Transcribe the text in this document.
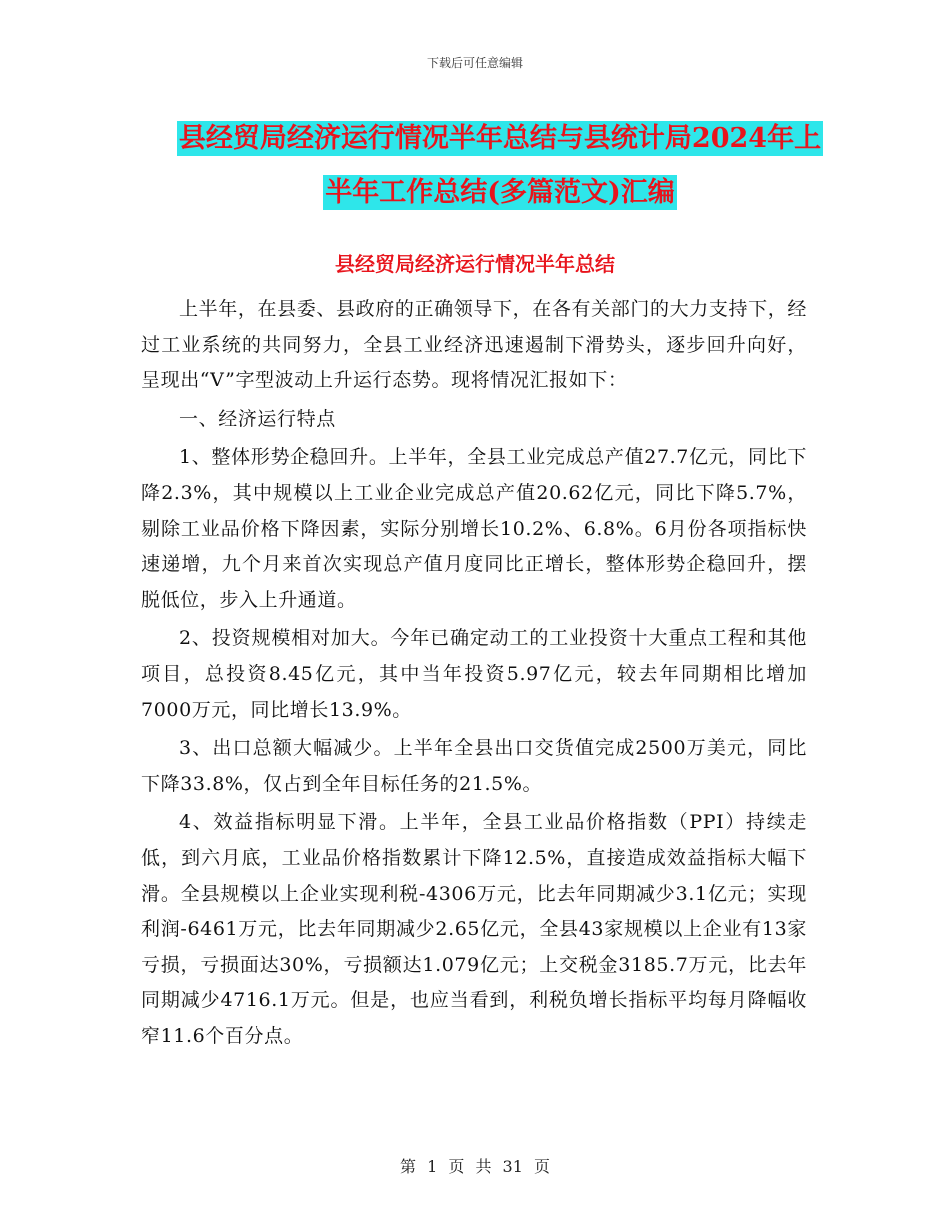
下载后可任意编辑
县经贸局经济运行情况半年总结与县统计局2024年上
半年工作总结(多篇范文)汇编
县经贸局经济运行情况半年总结

上半年，在县委、县政府的正确领导下，在各有关部门的大力支持下，经过工业系统的共同努力，全县工业经济迅速遏制下滑势头，逐步回升向好，呈现出“V”字型波动上升运行态势。现将情况汇报如下：

一、经济运行特点

1、整体形势企稳回升。上半年，全县工业完成总产值27.7亿元，同比下降2.3%，其中规模以上工业企业完成总产值20.62亿元，同比下降5.7%，剔除工业品价格下降因素，实际分别增长10.2%、6.8%。6月份各项指标快速递增，九个月来首次实现总产值月度同比正增长，整体形势企稳回升，摆脱低位，步入上升通道。

2、投资规模相对加大。今年已确定动工的工业投资十大重点工程和其他项目，总投资8.45亿元，其中当年投资5.97亿元，较去年同期相比增加7000万元，同比增长13.9%。

3、出口总额大幅减少。上半年全县出口交货值完成2500万美元，同比下降33.8%，仅占到全年目标任务的21.5%。

4、效益指标明显下滑。上半年，全县工业品价格指数（PPI）持续走低，到六月底，工业品价格指数累计下降12.5%，直接造成效益指标大幅下滑。全县规模以上企业实现利税-4306万元，比去年同期减少3.1亿元；实现利润-6461万元，比去年同期减少2.65亿元，全县43家规模以上企业有13家亏损，亏损面达30%，亏损额达1.079亿元；上交税金3185.7万元，比去年同期减少4716.1万元。但是，也应当看到，利税负增长指标平均每月降幅收窄11.6个百分点。

第 1 页 共 31 页
